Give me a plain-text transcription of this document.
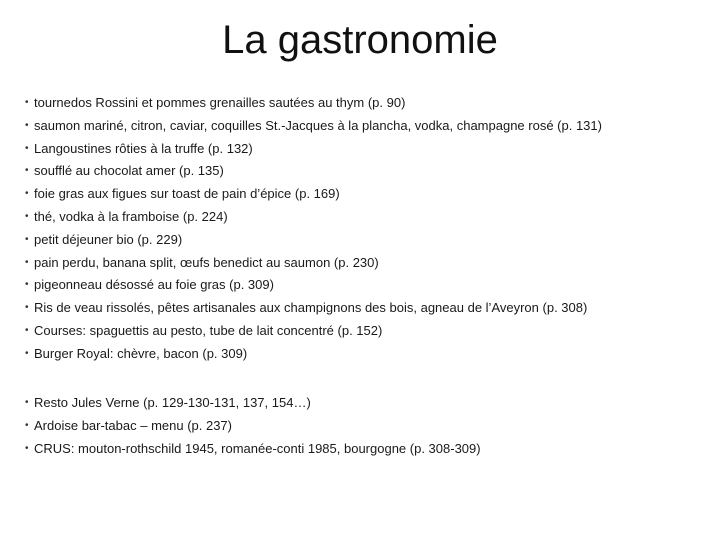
La gastronomie
• tournedos Rossini et pommes grenailles sautées au thym (p. 90)
• saumon mariné, citron, caviar, coquilles St.-Jacques à la plancha, vodka, champagne rosé (p. 131)
• Langoustines rôties à la truffe (p. 132)
• soufflé au chocolat amer (p. 135)
• foie gras aux figues sur toast de pain d’épice (p. 169)
• thé, vodka à la framboise (p. 224)
• petit déjeuner bio (p. 229)
• pain perdu, banana split, œufs benedict au saumon (p. 230)
• pigeonneau désossé au foie gras (p. 309)
• Ris de veau rissolés, pêtes artisanales aux champignons des bois, agneau de l’Aveyron (p. 308)
• Courses: spaguettis au pesto, tube de lait concentré (p. 152)
• Burger Royal: chèvre, bacon (p. 309)
• Resto Jules Verne (p. 129-130-131, 137, 154…)
• Ardoise bar-tabac – menu (p. 237)
• CRUS: mouton-rothschild 1945, romanée-conti 1985, bourgogne (p. 308-309)
